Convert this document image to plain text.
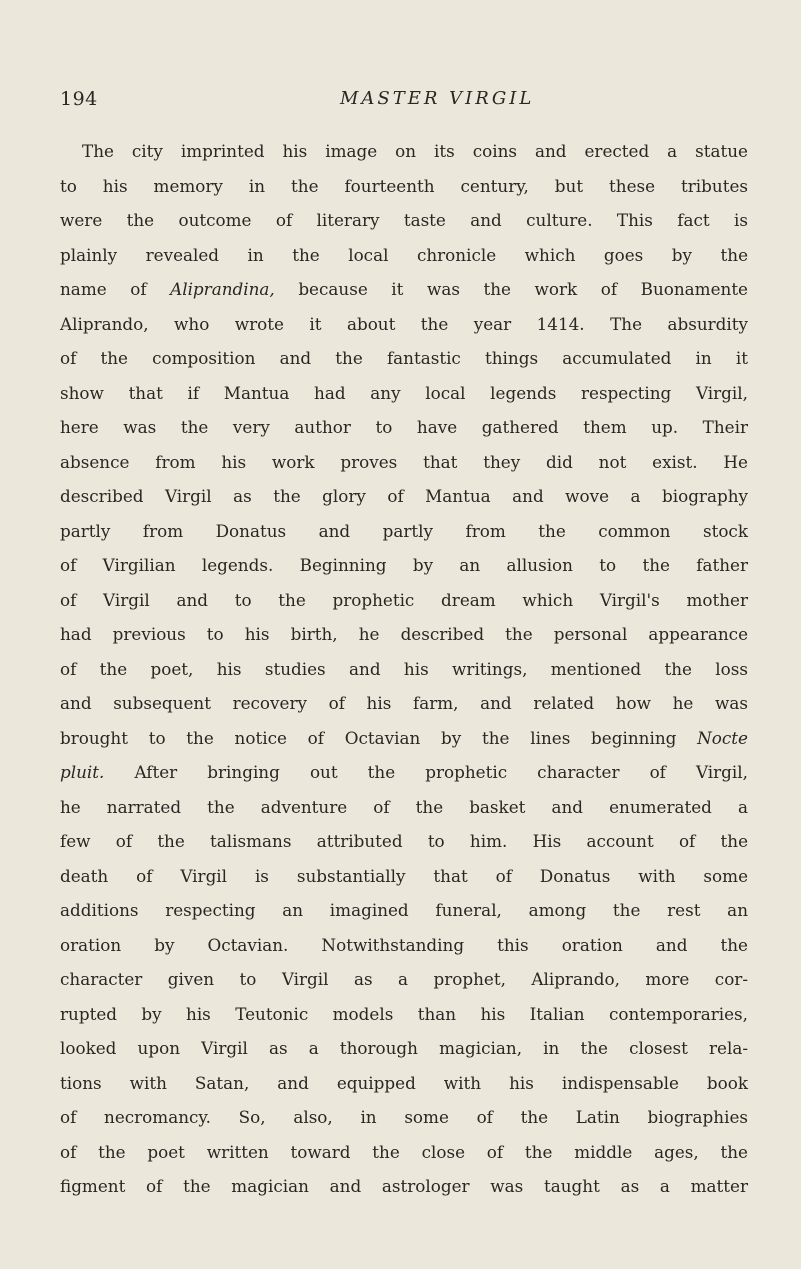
194	MASTER VIRGIL
The city imprinted his image on its coins and erected a statue
to his memory in the fourteenth century, but these tributes
were the outcome of literary taste and culture. This fact is
plainly revealed in the local chronicle which goes by the
name of Aliprandina, because it was the work of Buonamente
Aliprando, who wrote it about the year 1414. The absurdity
of the composition and the fantastic things accumulated in it
show that if Mantua had any local legends respecting Virgil,
here was the very author to have gathered them up. Their
absence from his work proves that they did not exist. He
described Virgil as the glory of Mantua and wove a biography
partly from Donatus and partly from the common stock
of Virgilian legends. Beginning by an allusion to the father
of Virgil and to the prophetic dream which Virgil's mother
had previous to his birth, he described the personal appearance
of the poet, his studies and his writings, mentioned the loss
and subsequent recovery of his farm, and related how he was
brought to the notice of Octavian by the lines beginning Nocte
pluit. After bringing out the prophetic character of Virgil,
he narrated the adventure of the basket and enumerated a
few of the talismans attributed to him. His account of the
death of Virgil is substantially that of Donatus with some
additions respecting an imagined funeral, among the rest an
oration by Octavian. Notwithstanding this oration and the
character given to Virgil as a prophet, Aliprando, more cor-
rupted by his Teutonic models than his Italian contemporaries,
looked upon Virgil as a thorough magician, in the closest rela-
tions with Satan, and equipped with his indispensable book
of necromancy. So, also, in some of the Latin biographies
of the poet written toward the close of the middle ages, the
figment of the magician and astrologer was taught as a matter
